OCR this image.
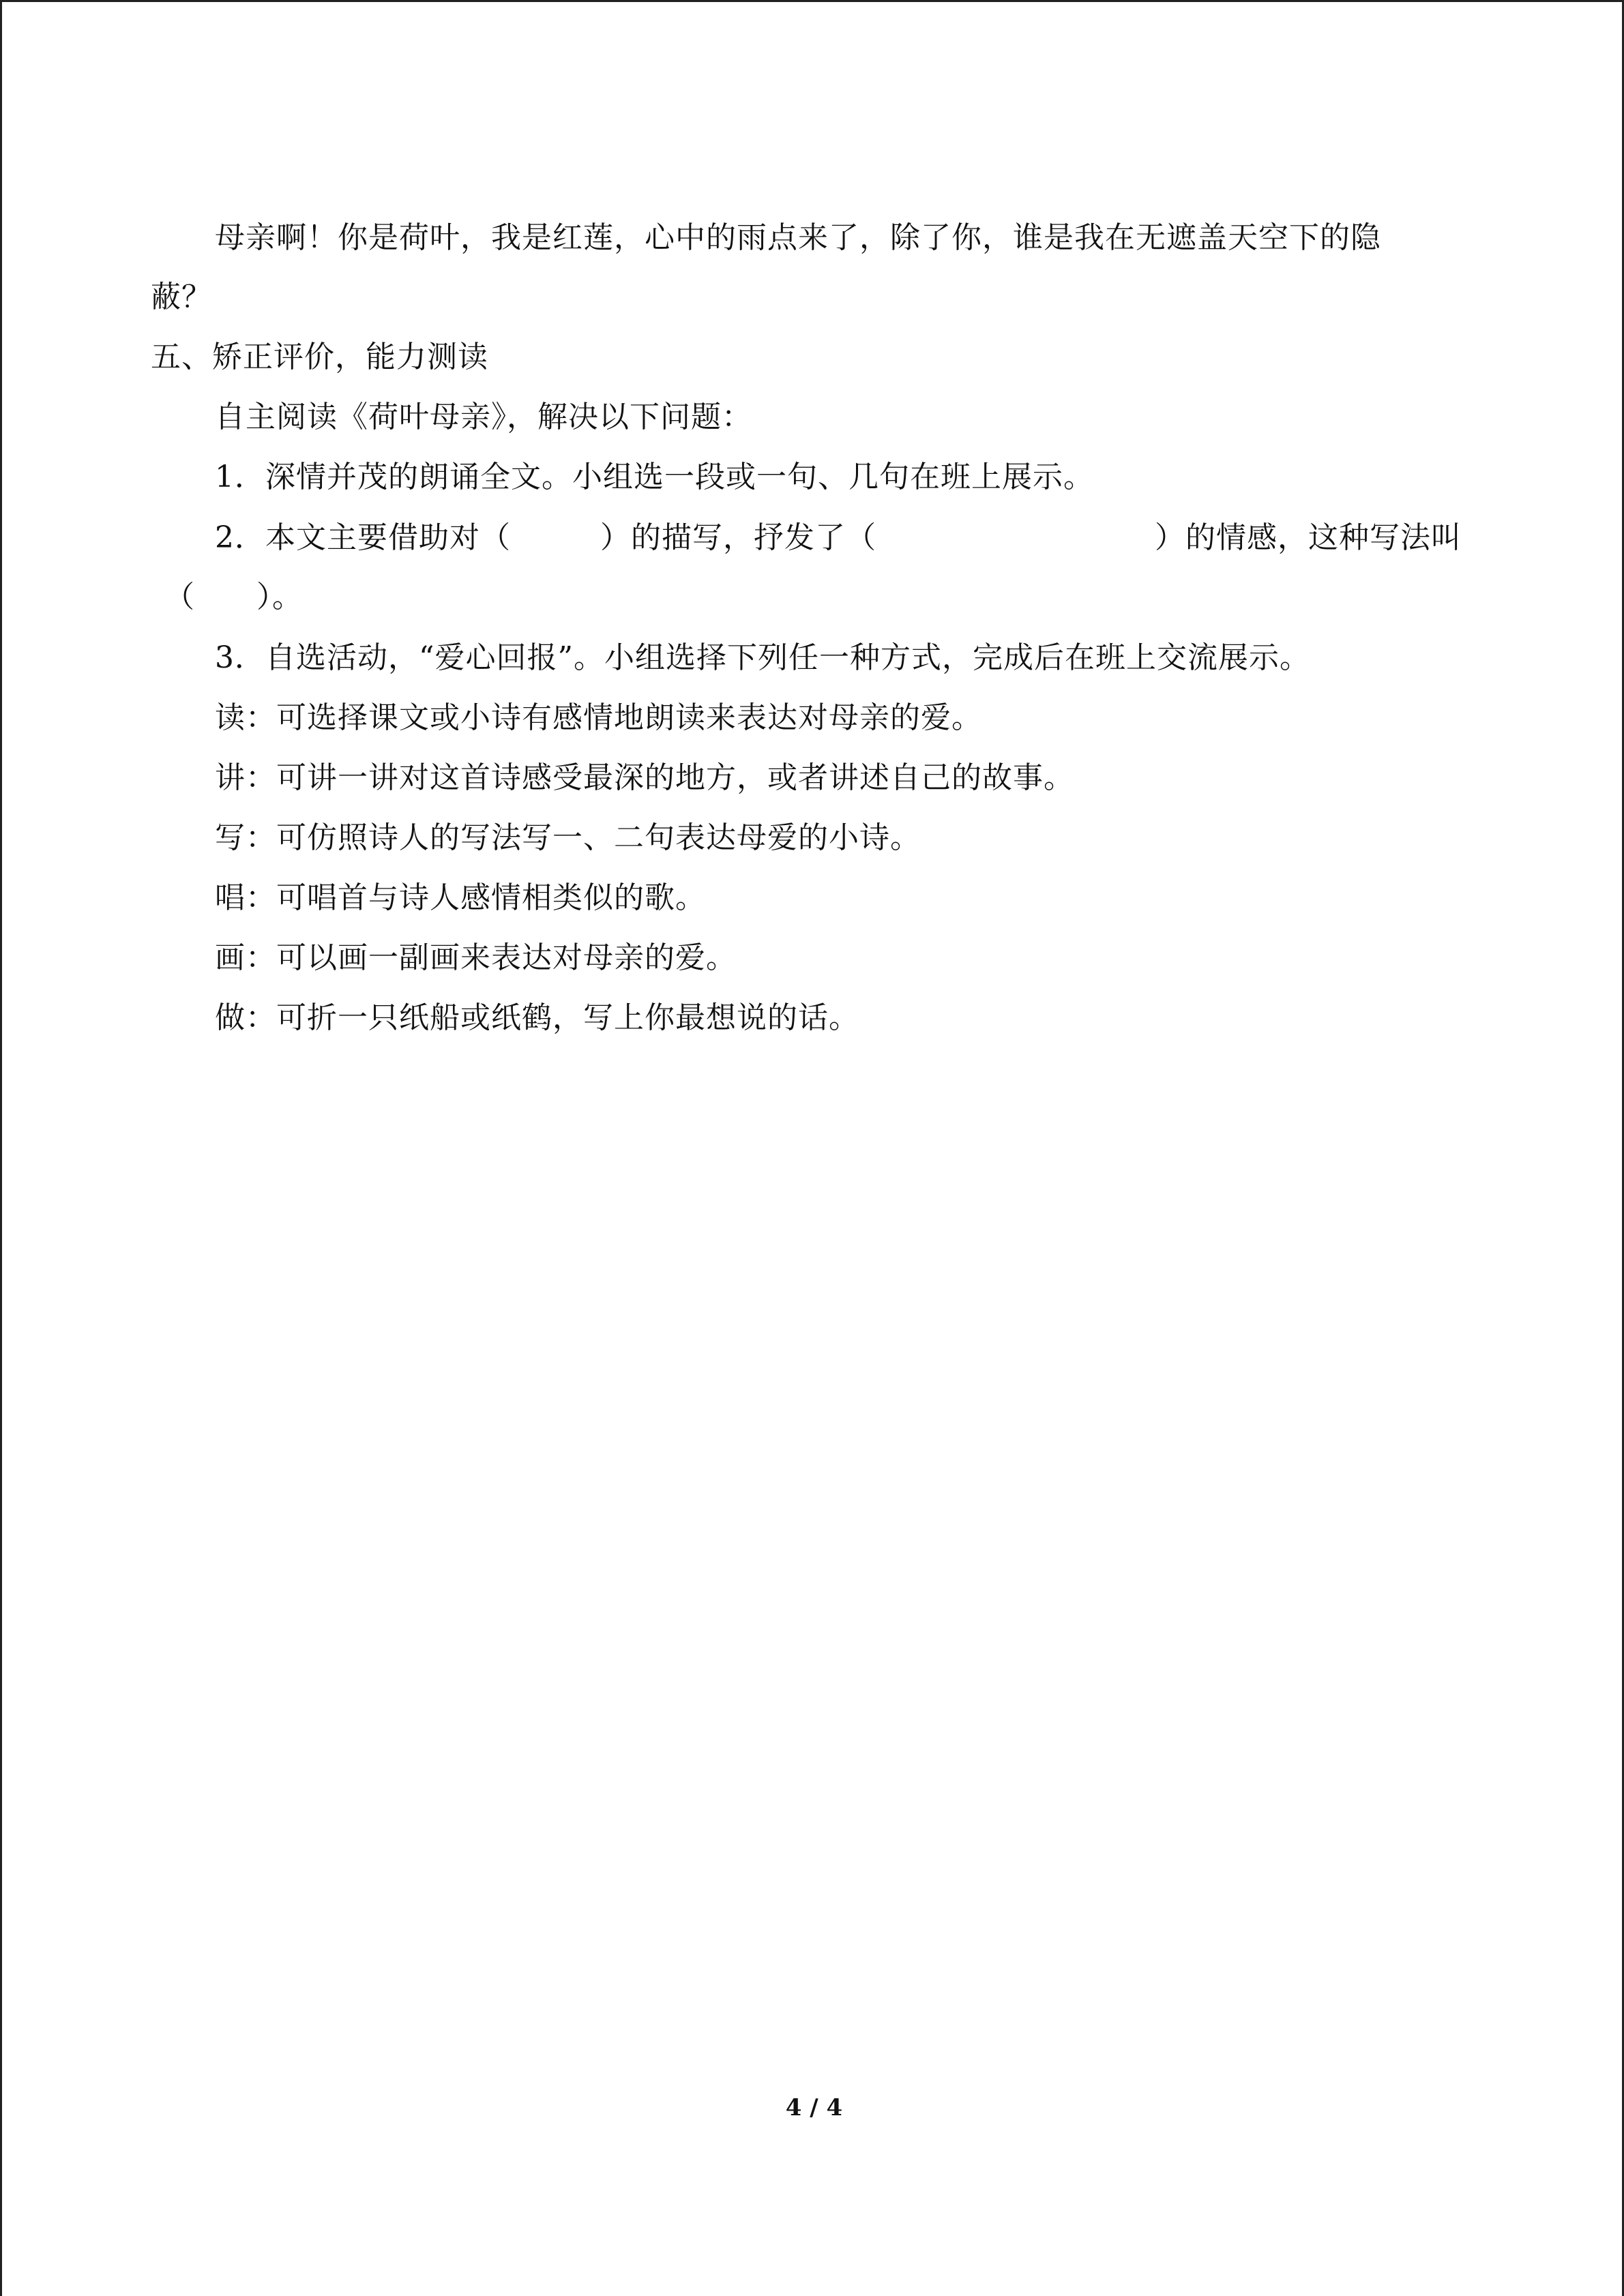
母亲啊！你是荷叶，我是红莲，心中的雨点来了，除了你，谁是我在无遮盖天空下的隐
蔽？
五、矫正评价，能力测读
自主阅读《荷叶母亲》，解决以下问题：
1．深情并茂的朗诵全文。小组选一段或一句、几句在班上展示。

2．本文主要借助对（

	）的描写，抒发了（

	）的情感，这种写法叫

（　　）。
3．自选活动，“爱心回报”。小组选择下列任一种方式，完成后在班上交流展示。
读：可选择课文或小诗有感情地朗读来表达对母亲的爱。
讲：可讲一讲对这首诗感受最深的地方，或者讲述自己的故事。
写：可仿照诗人的写法写一、二句表达母爱的小诗。
唱：可唱首与诗人感情相类似的歌。
画：可以画一副画来表达对母亲的爱。
做：可折一只纸船或纸鹤，写上你最想说的话。
4 / 4
